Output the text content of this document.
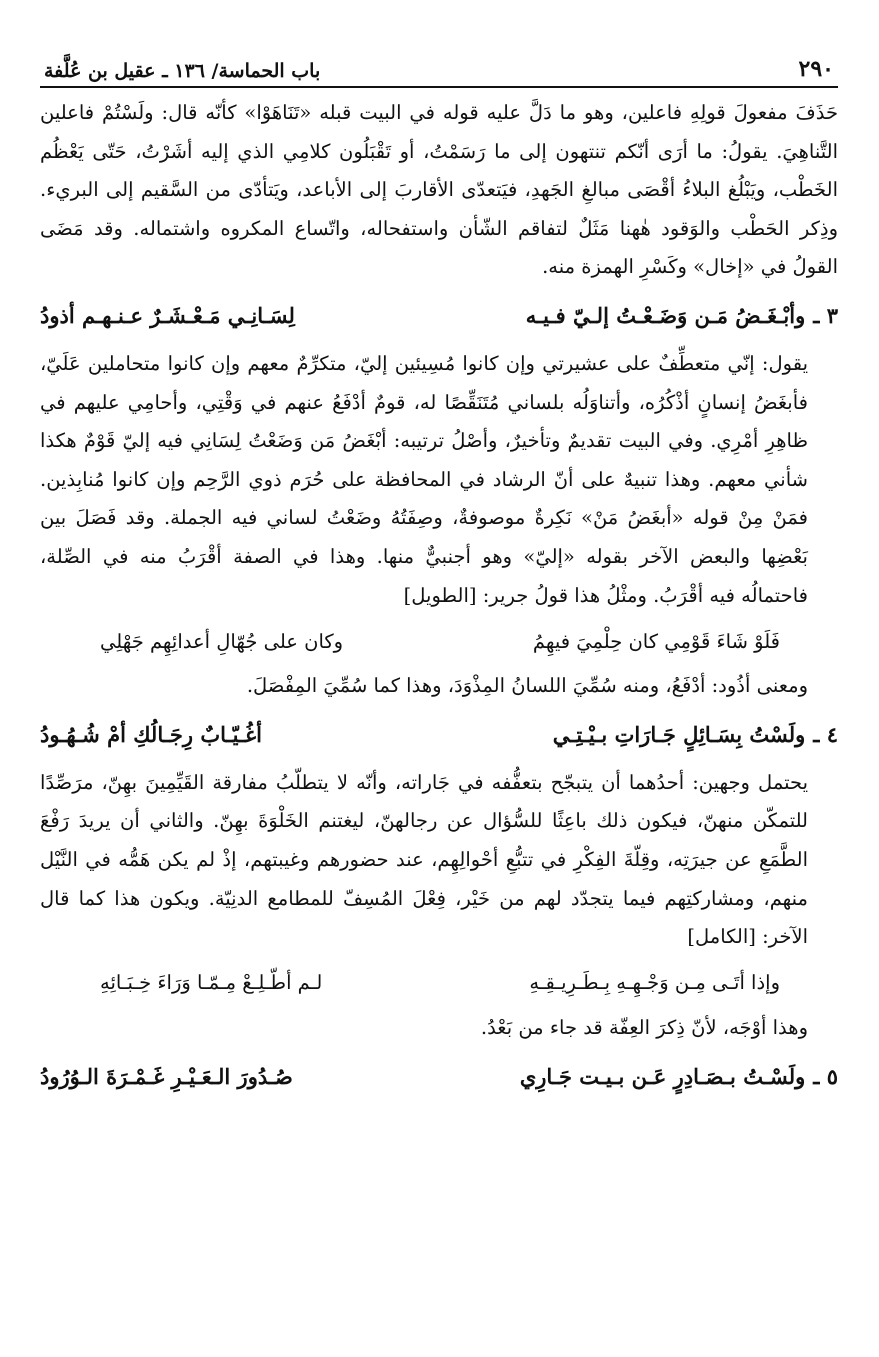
٢٩٠
باب الحماسة/ ١٣٦ ـ عقيل بن عُلَّفة

حَذَفَ مفعولَ قولِهِ فاعلين، وهو ما دَلَّ عليه قوله في البيت قبله «تَنَاهَوْا» كأنّه قال: ولَسْتُمْ فاعلين التَّناهِيَ. يقولُ: ما أرَى أنّكم تنتهون إلى ما رَسَمْتُ، أو تَقْبَلُون كلامِي الذي إليه أشَرْتُ، حَتّى يَعْظُم الخَطْب، ويَبْلُغ البلاءُ أقْصَى مبالغِ الجَهدِ، فيَتعدّى الأقاربَ إلى الأباعد، ويَتأدّى من السَّقيم إلى البريء. وذِكر الحَطْب والوَقود هٰهنا مَثَلٌ لتفاقم الشّأن واستفحاله، واتّساع المكروه واشتماله. وقد مَضَى القولُ في «إخال» وكَسْرِ الهمزة منه.

٣ ـ
وأبْـغَـضُ مَـن وَضَـعْـتُ إلـيّ فـيـه
لِسَـانِـي مَـعْـشَـرٌ عـنـهـم أذودُ

يقول: إنّي متعطِّفٌ على عشيرتي وإن كانوا مُسِيئين إليّ، متكرِّمٌ معهم وإن كانوا متحاملين عَلَيّ، فأبغَضُ إنسانٍ أذْكُرُه، وأتناوَلُه بلساني مُتَنَقِّصًا له، قومٌ أدْفَعُ عنهم في وَقْتِي، وأحامِي عليهم في ظاهِرِ أمْرِي. وفي البيت تقديمٌ وتأخيرٌ، وأصْلُ ترتيبه: أبْغَضُ مَن وَضَعْتُ لِسَانِي فيه إليّ قَوْمٌ هكذا شأني معهم. وهذا تنبيهٌ على أنّ الرشاد في المحافظة على حُرَم ذوي الرَّحِم وإن كانوا مُنابِذين. فمَنْ مِنْ قوله «أبغَضُ مَنْ» نَكِرةٌ موصوفةٌ، وصِفَتُهُ وضَعْتُ لساني فيه الجملة. وقد فَصَلَ بين بَعْضِها والبعض الآخر بقوله «إليّ» وهو أجنبيٌّ منها. وهذا في الصفة أقْرَبُ منه في الصِّلة، فاحتمالُه فيه أقْرَبُ. ومثْلُ هذا قولُ جرير: [الطويل]

فَلَوْ شَاءَ قَوْمِي كان حِلْمِيَ فيهِمُ
وكان على جُهّالِ أعدائِهِم جَهْلِي

ومعنى أذُود: أدْفَعُ، ومنه سُمِّيَ اللسانُ المِذْوَدَ، وهذا كما سُمِّيَ المِفْصَلَ.

٤ ـ
ولَسْتُ بِسَـائِلٍ جَـارَاتِ بـيْـتِـي
أغُـيّـابٌ رِجَـالُكِ أمْ شُـهُـودُ

يحتمل وجهين: أحدُهما أن يتبجّح بتعفُّفه في جَاراته، وأنّه لا يتطلّبُ مفارقة القَيِّمِينَ بهِنّ، مرَصِّدًا للتمكّن منهنّ، فيكون ذلك باعِثًا للسُّؤال عن رجالهنّ، ليغتنم الخَلْوَةَ بهِنّ. والثاني أن يريدَ رَفْعَ الطَّمَعِ عن جيرَتِه، وقِلّةَ الفِكْرِ في تتبُّعِ أحْوالِهِم، عند حضورهم وغيبتهم، إذْ لم يكن هَمُّه في النَّيْل منهم، ومشاركتِهم فيما يتجدّد لهم من خَيْر، فِعْلَ المُسِفّ للمطامع الدنِيّة. ويكون هذا كما قال الآخر: [الكامل]

وإذا أتَـى مِـن وَجْـهِـهِ بِـطَـرِيـقِـهِ
لـم أطّـلِـعْ مِـمّـا وَرَاءَ خِـبَـائِهِ

وهذا أوْجَه، لأنّ ذِكرَ العِفّة قد جاء من بَعْدُ.

٥ ـ
ولَسْـتُ بـصَـادِرٍ عَـن بـيـت جَـارِي
صُـدُورَ الـعَـيْـرِ غَـمْـرَةَ الـوُرُودُ
